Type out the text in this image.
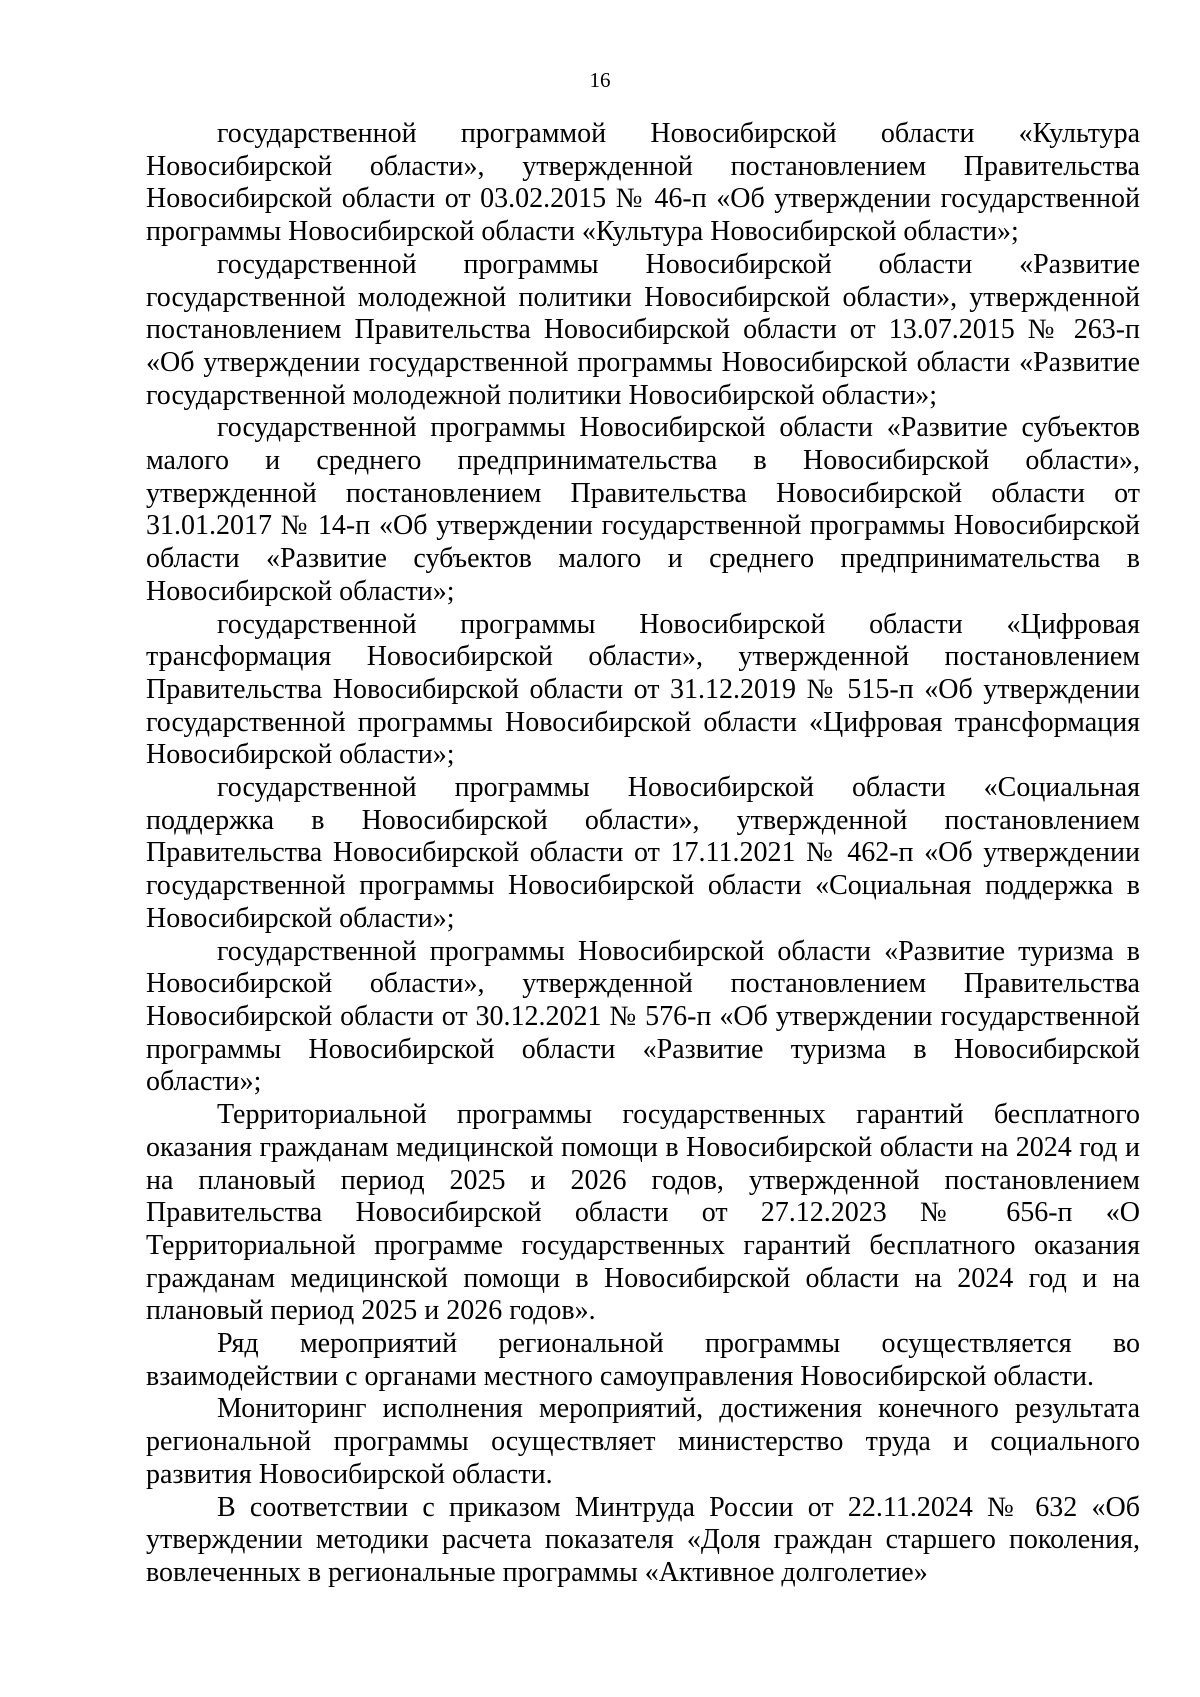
16

государственной программой Новосибирской области «Культура Новосибирской области», утвержденной постановлением Правительства Новосибирской области от 03.02.2015 № 46-п «Об утверждении государственной программы Новосибирской области «Культура Новосибирской области»;

государственной программы Новосибирской области «Развитие государственной молодежной политики Новосибирской области», утвержденной постановлением Правительства Новосибирской области от 13.07.2015 № 263-п «Об утверждении государственной программы Новосибирской области «Развитие государственной молодежной политики Новосибирской области»;

государственной программы Новосибирской области «Развитие субъектов малого и среднего предпринимательства в Новосибирской области», утвержденной постановлением Правительства Новосибирской области от 31.01.2017 № 14-п «Об утверждении государственной программы Новосибирской области «Развитие субъектов малого и среднего предпринимательства в Новосибирской области»;

государственной программы Новосибирской области «Цифровая трансформация Новосибирской области», утвержденной постановлением Правительства Новосибирской области от 31.12.2019 № 515-п «Об утверждении государственной программы Новосибирской области «Цифровая трансформация Новосибирской области»;

государственной программы Новосибирской области «Социальная поддержка в Новосибирской области», утвержденной постановлением Правительства Новосибирской области от 17.11.2021 № 462-п «Об утверждении государственной программы Новосибирской области «Социальная поддержка в Новосибирской области»;

государственной программы Новосибирской области «Развитие туризма в Новосибирской области», утвержденной постановлением Правительства Новосибирской области от 30.12.2021 № 576-п «Об утверждении государственной программы Новосибирской области «Развитие туризма в Новосибирской области»;

Территориальной программы государственных гарантий бесплатного оказания гражданам медицинской помощи в Новосибирской области на 2024 год и на плановый период 2025 и 2026 годов, утвержденной постановлением Правительства Новосибирской области от 27.12.2023 № 656-п «О Территориальной программе государственных гарантий бесплатного оказания гражданам медицинской помощи в Новосибирской области на 2024 год и на плановый период 2025 и 2026 годов».

Ряд мероприятий региональной программы осуществляется во взаимодействии с органами местного самоуправления Новосибирской области.

Мониторинг исполнения мероприятий, достижения конечного результата региональной программы осуществляет министерство труда и социального развития Новосибирской области.

В соответствии с приказом Минтруда России от 22.11.2024 № 632 «Об утверждении методики расчета показателя «Доля граждан старшего поколения, вовлеченных в региональные программы «Активное долголетие»
